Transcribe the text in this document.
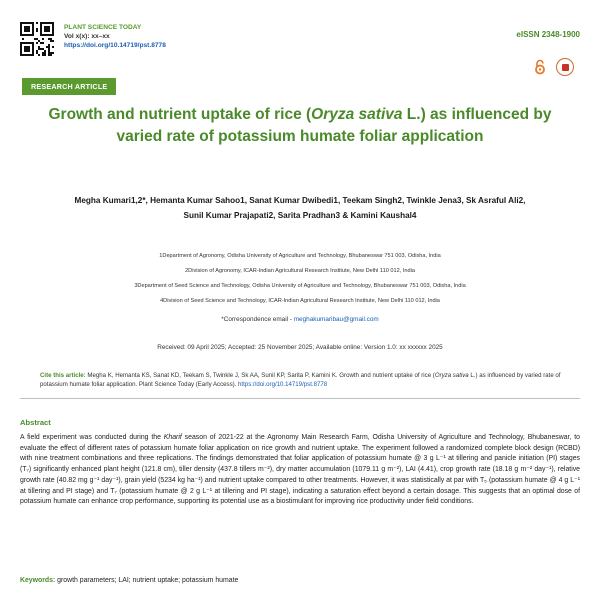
PLANT SCIENCE TODAY
Vol x(x): xx–xx
https://doi.org/10.14719/pst.8778
eISSN 2348-1900
RESEARCH ARTICLE
Growth and nutrient uptake of rice (Oryza sativa L.) as influenced by varied rate of potassium humate foliar application
Megha Kumari1,2*, Hemanta Kumar Sahoo1, Sanat Kumar Dwibedi1, Teekam Singh2, Twinkle Jena3, Sk Asraful Ali2,
Sunil Kumar Prajapati2, Sarita Pradhan3 & Kamini Kaushal4
1Department of Agronomy, Odisha University of Agriculture and Technology, Bhubaneswar 751 003, Odisha, India
2Division of Agronomy, ICAR-Indian Agricultural Research Institute, New Delhi 110 012, India
3Department of Seed Science and Technology, Odisha University of Agriculture and Technology, Bhubaneswar 751 003, Odisha, India
4Division of Seed Science and Technology, ICAR-Indian Agricultural Research Institute, New Delhi 110 012, India
*Correspondence email - meghakumaribau@gmail.com
Received: 09 April 2025; Accepted: 25 November 2025; Available online: Version 1.0: xx xxxxxx 2025
Cite this article: Megha K, Hemanta KS, Sanat KD, Teekam S, Twinkle J, Sk AA, Sunil KP, Sarita P, Kamini K. Growth and nutrient uptake of rice (Oryza sativa L.) as influenced by varied rate of potassium humate foliar application. Plant Science Today (Early Access). https://doi.org/10.14719/pst.8778
Abstract
A field experiment was conducted during the Kharif season of 2021-22 at the Agronomy Main Research Farm, Odisha University of Agriculture and Technology, Bhubaneswar, to evaluate the effect of different rates of potassium humate foliar application on rice growth and nutrient uptake. The experiment followed a randomized complete block design (RCBD) with nine treatment combinations and three replications. The findings demonstrated that foliar application of potassium humate @ 3 g L⁻¹ at tillering and panicle initiation (PI) stages (T₇) significantly enhanced plant height (121.8 cm), tiller density (437.8 tillers m⁻²), dry matter accumulation (1079.11 g m⁻²), LAI (4.41), crop growth rate (18.18 g m⁻² day⁻¹), relative growth rate (40.82 mg g⁻¹ day⁻¹), grain yield (5234 kg ha⁻¹) and nutrient uptake compared to other treatments. However, it was statistically at par with T₅ (potassium humate @ 4 g L⁻¹ at tillering and PI stage) and T₇ (potassium humate @ 2 g L⁻¹ at tillering and PI stage), indicating a saturation effect beyond a certain dosage. This suggests that an optimal dose of potassium humate can enhance crop performance, supporting its potential use as a biostimulant for improving rice productivity under field conditions.
Keywords: growth parameters; LAI; nutrient uptake; potassium humate
